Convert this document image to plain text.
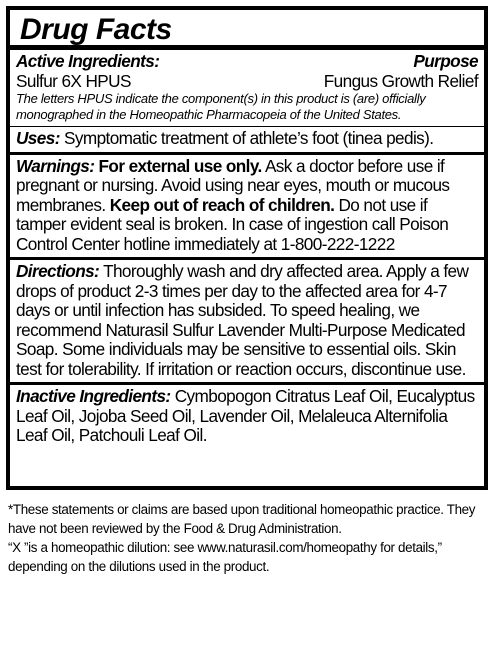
Drug Facts
Active Ingredients:	Purpose
Sulfur 6X HPUS	Fungus Growth Relief
The letters HPUS indicate the component(s) in this product is (are) officially monographed in the Homeopathic Pharmacopeia of the United States.
Uses: Symptomatic treatment of athlete’s foot (tinea pedis).
Warnings: For external use only. Ask a doctor before use if pregnant or nursing. Avoid using near eyes, mouth or mucous membranes. Keep out of reach of children. Do not use if tamper evident seal is broken. In case of ingestion call Poison Control Center hotline immediately at 1-800-222-1222
Directions: Thoroughly wash and dry affected area. Apply a few drops of product 2-3 times per day to the affected area for 4-7 days or until infection has subsided. To speed healing, we recommend Naturasil Sulfur Lavender Multi-Purpose Medicated Soap. Some individuals may be sensitive to essential oils. Skin test for tolerability. If irritation or reaction occurs, discontinue use.
Inactive Ingredients: Cymbopogon Citratus Leaf Oil, Eucalyptus Leaf Oil, Jojoba Seed Oil, Lavender Oil, Melaleuca Alternifolia Leaf Oil, Patchouli Leaf Oil.

*These statements or claims are based upon traditional homeopathic practice. They have not been reviewed by the Food & Drug Administration.

“X ”is a homeopathic dilution: see www.naturasil.com/homeopathy for details,” depending on the dilutions used in the product.
